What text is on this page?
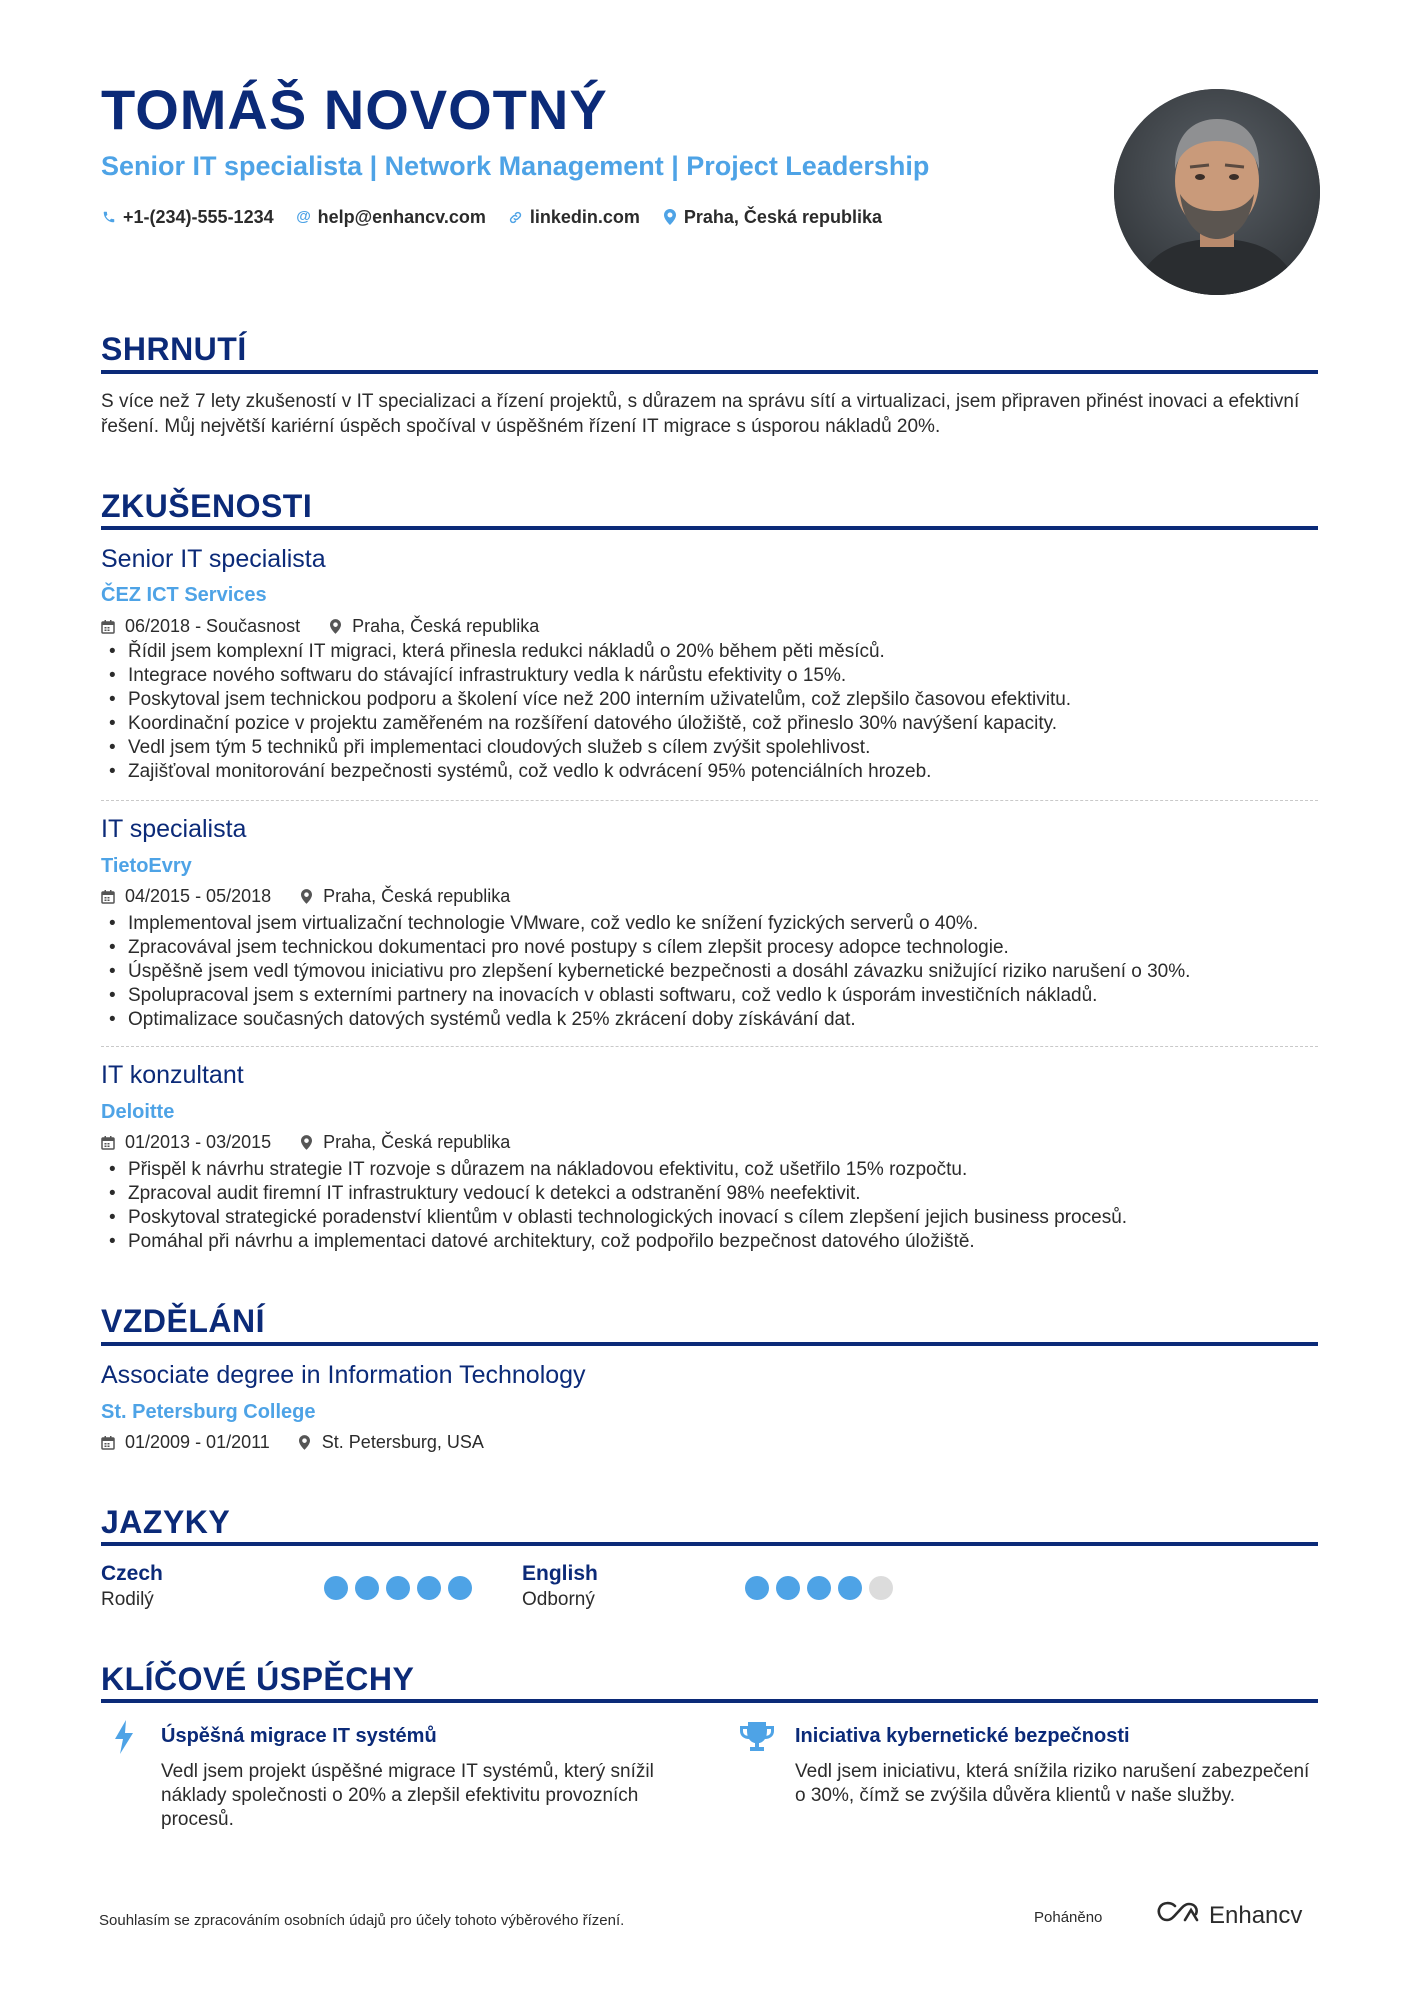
TOMÁŠ NOVOTNÝ
Senior IT specialista | Network Management | Project Leadership
+1-(234)-555-1234 @ help@enhancv.com linkedin.com Praha, Česká republika
SHRNUTÍ
S více než 7 lety zkušeností v IT specializaci a řízení projektů, s důrazem na správu sítí a virtualizaci, jsem připraven přinést inovaci a efektivní řešení. Můj největší kariérní úspěch spočíval v úspěšném řízení IT migrace s úsporou nákladů 20%.
ZKUŠENOSTI
Senior IT specialista
ČEZ ICT Services
06/2018 - Současnost	Praha, Česká republika
• Řídil jsem komplexní IT migraci, která přinesla redukci nákladů o 20% během pěti měsíců.
• Integrace nového softwaru do stávající infrastruktury vedla k nárůstu efektivity o 15%.
• Poskytoval jsem technickou podporu a školení více než 200 interním uživatelům, což zlepšilo časovou efektivitu.
• Koordinační pozice v projektu zaměřeném na rozšíření datového úložiště, což přineslo 30% navýšení kapacity.
• Vedl jsem tým 5 techniků při implementaci cloudových služeb s cílem zvýšit spolehlivost.
• Zajišťoval monitorování bezpečnosti systémů, což vedlo k odvrácení 95% potenciálních hrozeb.
IT specialista
TietoEvry
04/2015 - 05/2018	Praha, Česká republika
• Implementoval jsem virtualizační technologie VMware, což vedlo ke snížení fyzických serverů o 40%.
• Zpracovával jsem technickou dokumentaci pro nové postupy s cílem zlepšit procesy adopce technologie.
• Úspěšně jsem vedl týmovou iniciativu pro zlepšení kybernetické bezpečnosti a dosáhl závazku snižující riziko narušení o 30%.
• Spolupracoval jsem s externími partnery na inovacích v oblasti softwaru, což vedlo k úsporám investičních nákladů.
• Optimalizace současných datových systémů vedla k 25% zkrácení doby získávání dat.
IT konzultant
Deloitte
01/2013 - 03/2015	Praha, Česká republika
• Přispěl k návrhu strategie IT rozvoje s důrazem na nákladovou efektivitu, což ušetřilo 15% rozpočtu.
• Zpracoval audit firemní IT infrastruktury vedoucí k detekci a odstranění 98% neefektivit.
• Poskytoval strategické poradenství klientům v oblasti technologických inovací s cílem zlepšení jejich business procesů.
• Pomáhal při návrhu a implementaci datové architektury, což podpořilo bezpečnost datového úložiště.
VZDĚLÁNÍ
Associate degree in Information Technology
St. Petersburg College
01/2009 - 01/2011	St. Petersburg, USA
JAZYKY
Czech
Rodilý
English
Odborný
KLÍČOVÉ ÚSPĚCHY
Úspěšná migrace IT systémů
Vedl jsem projekt úspěšné migrace IT systémů, který snížil náklady společnosti o 20% a zlepšil efektivitu provozních procesů.
Iniciativa kybernetické bezpečnosti
Vedl jsem iniciativu, která snížila riziko narušení zabezpečení o 30%, čímž se zvýšila důvěra klientů v naše služby.
Souhlasím se zpracováním osobních údajů pro účely tohoto výběrového řízení.	Poháněno	Enhancv
